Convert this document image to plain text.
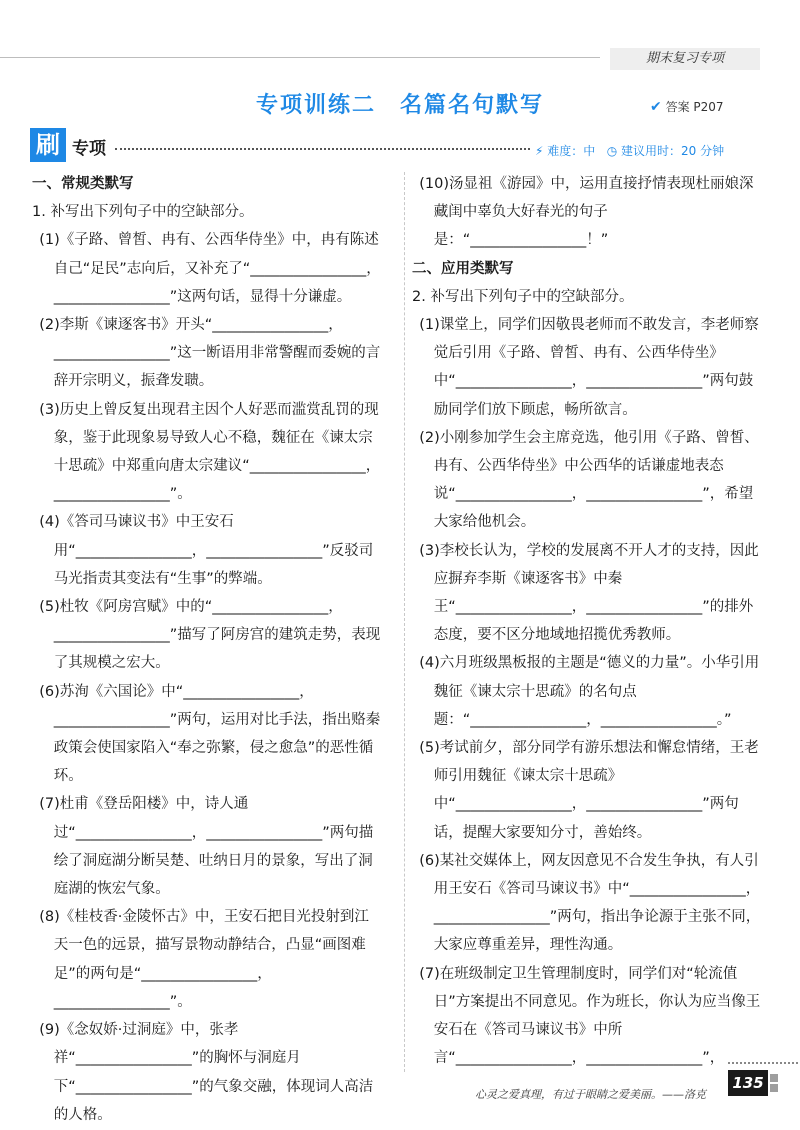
期末复习专项
专项训练二　名篇名句默写	✔ 答案 P207
刷 专项	⚡ 难度：中 ◷ 建议用时：20 分钟

一、常规类默写

1. 补写出下列句子中的空缺部分。

(1)《子路、曾皙、冉有、公西华侍坐》中，冉有陈述自己“足民”志向后，又补充了“________________，________________”这两句话，显得十分谦虚。

(2)李斯《谏逐客书》开头“________________，________________”这一断语用非常警醒而委婉的言辞开宗明义，振聋发聩。

(3)历史上曾反复出现君主因个人好恶而滥赏乱罚的现象，鉴于此现象易导致人心不稳，魏征在《谏太宗十思疏》中郑重向唐太宗建议“________________，________________”。

(4)《答司马谏议书》中王安石用“________________，________________”反驳司马光指责其变法有“生事”的弊端。

(5)杜牧《阿房宫赋》中的“________________，________________”描写了阿房宫的建筑走势，表现了其规模之宏大。

(6)苏洵《六国论》中“________________，________________”两句，运用对比手法，指出赂秦政策会使国家陷入“奉之弥繁，侵之愈急”的恶性循环。

(7)杜甫《登岳阳楼》中，诗人通过“________________，________________”两句描绘了洞庭湖分断吴楚、吐纳日月的景象，写出了洞庭湖的恢宏气象。

(8)《桂枝香·金陵怀古》中，王安石把目光投射到江天一色的远景，描写景物动静结合，凸显“画图难足”的两句是“________________，________________”。

(9)《念奴娇·过洞庭》中，张孝祥“________________”的胸怀与洞庭月下“________________”的气象交融，体现词人高洁的人格。

(10)汤显祖《游园》中，运用直接抒情表现杜丽娘深藏闺中辜负大好春光的句子是：“________________！”

二、应用类默写

2. 补写出下列句子中的空缺部分。

(1)课堂上，同学们因敬畏老师而不敢发言，李老师察觉后引用《子路、曾皙、冉有、公西华侍坐》中“________________，________________”两句鼓励同学们放下顾虑，畅所欲言。

(2)小刚参加学生会主席竞选，他引用《子路、曾皙、冉有、公西华侍坐》中公西华的话谦虚地表态说“________________，________________”，希望大家给他机会。

(3)李校长认为，学校的发展离不开人才的支持，因此应摒弃李斯《谏逐客书》中秦王“________________，________________”的排外态度，要不区分地域地招揽优秀教师。

(4)六月班级黑板报的主题是“德义的力量”。小华引用魏征《谏太宗十思疏》的名句点题：“________________，________________。”

(5)考试前夕，部分同学有游乐想法和懈怠情绪，王老师引用魏征《谏太宗十思疏》中“________________，________________”两句话，提醒大家要知分寸，善始终。

(6)某社交媒体上，网友因意见不合发生争执，有人引用王安石《答司马谏议书》中“________________，________________”两句，指出争论源于主张不同，大家应尊重差异，理性沟通。

(7)在班级制定卫生管理制度时，同学们对“轮流值日”方案提出不同意见。作为班长，你认为应当像王安石在《答司马谏议书》中所言“________________，________________”，

心灵之爱真理，有过于眼睛之爱美丽。——洛克
135
